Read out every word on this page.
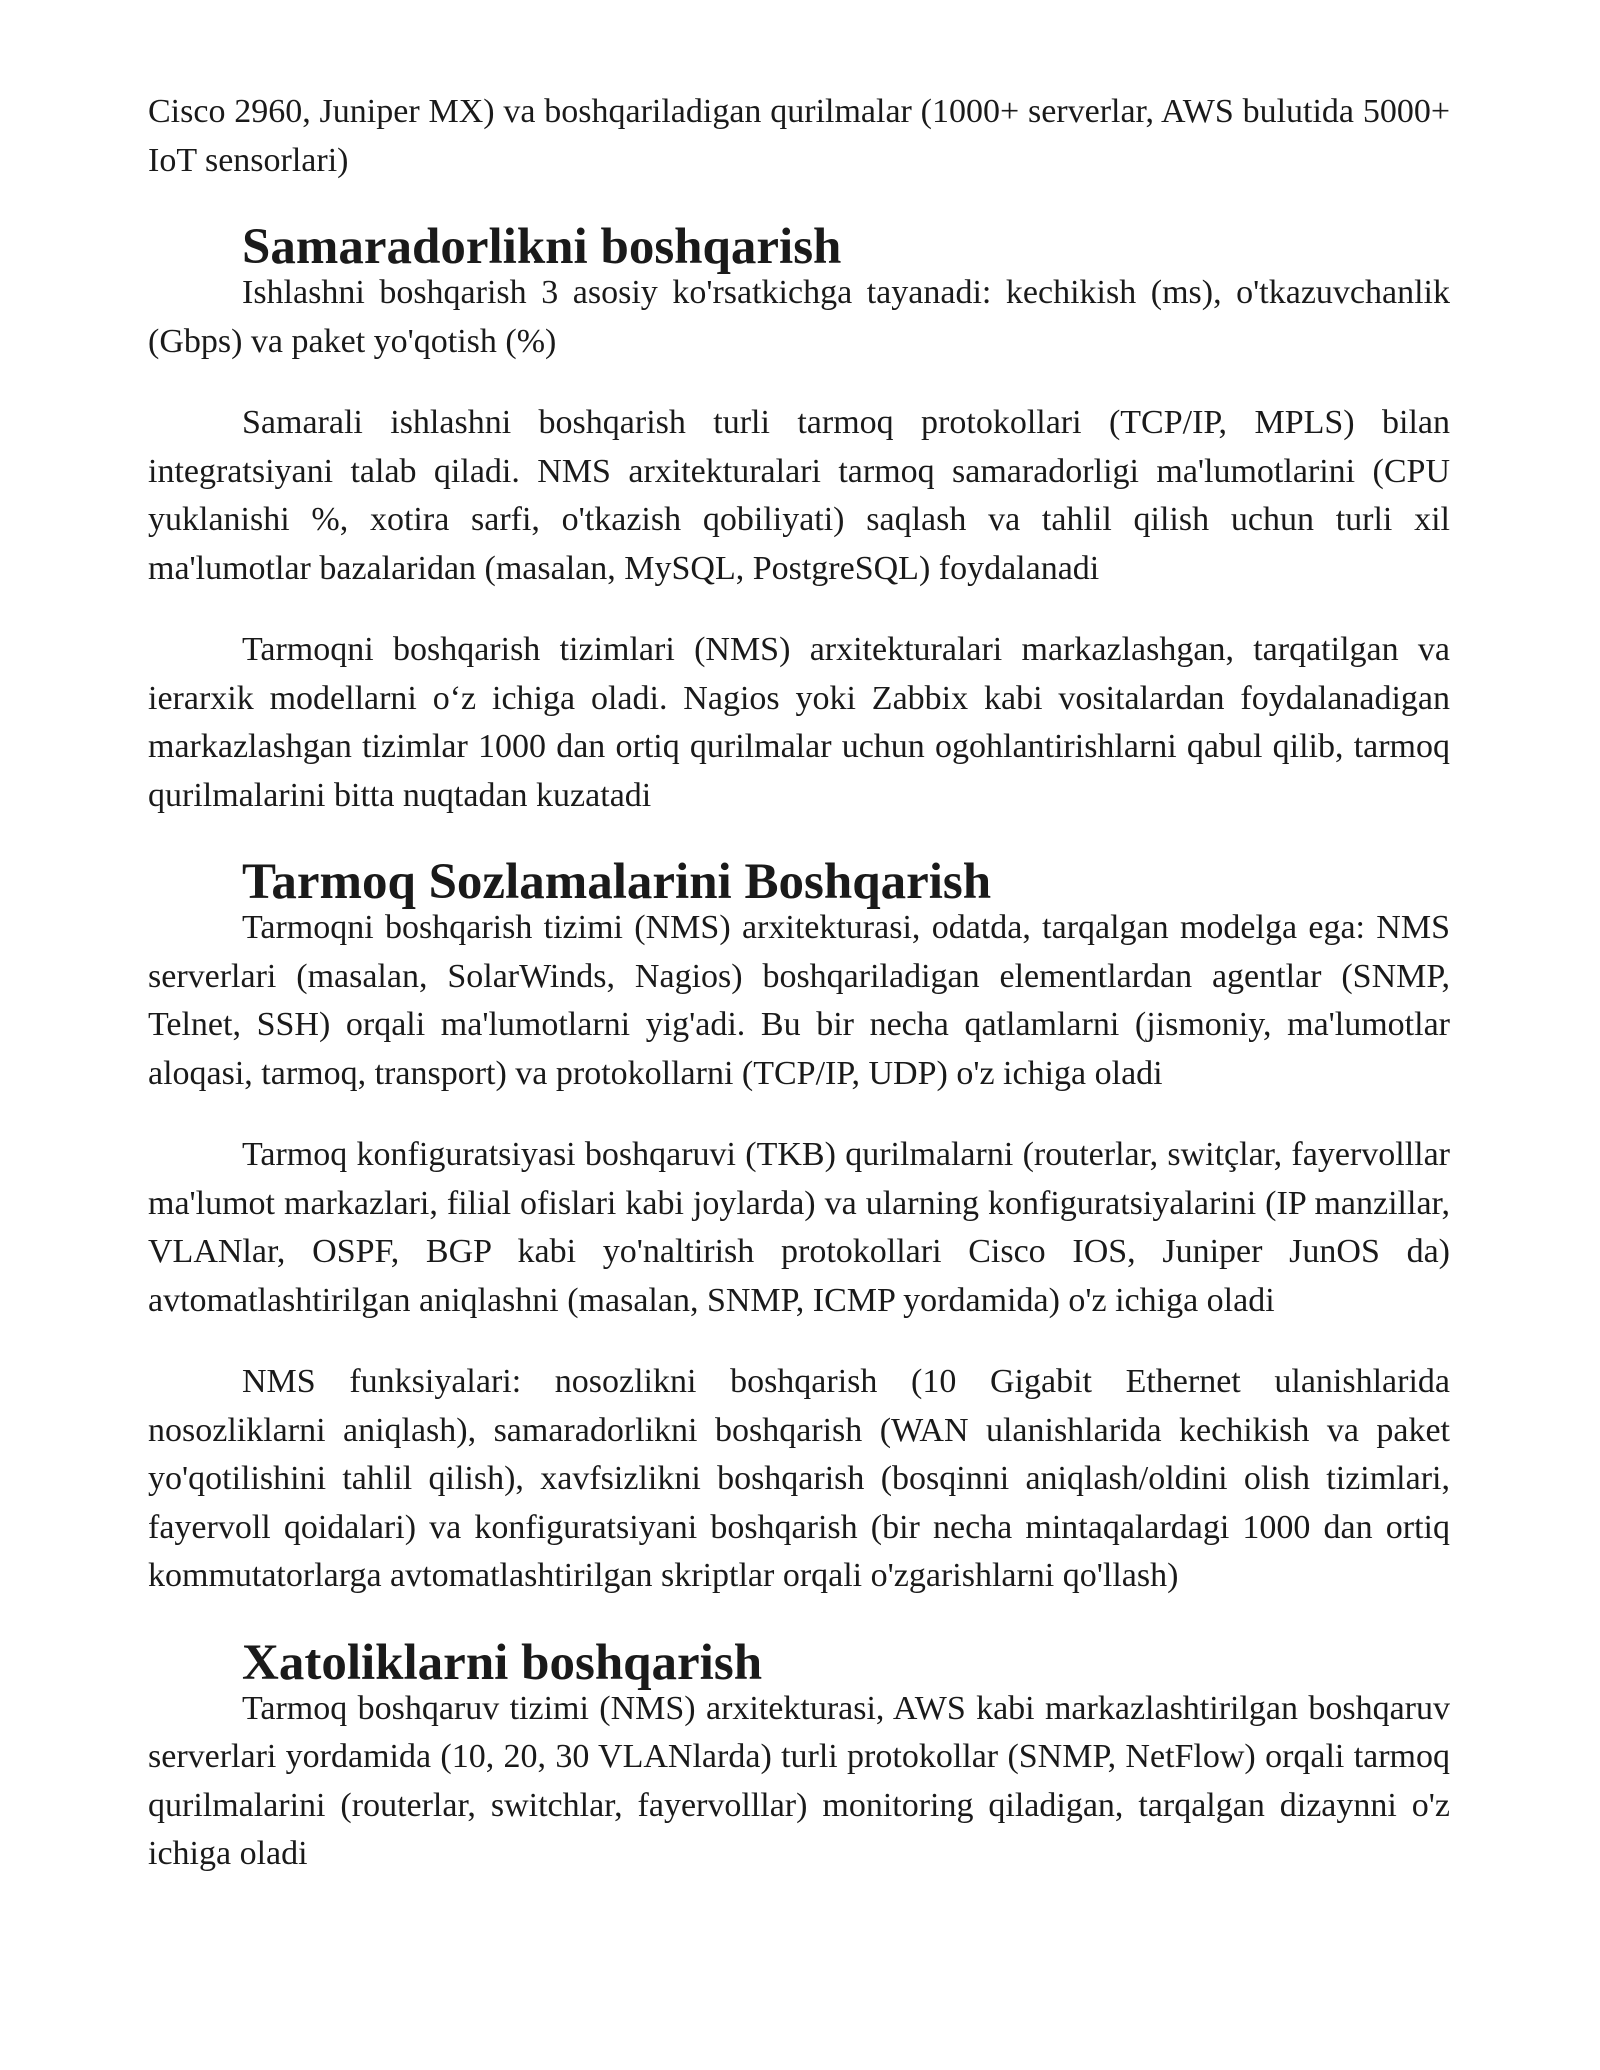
Cisco 2960, Juniper MX) va boshqariladigan qurilmalar (1000+ serverlar, AWS bulutida 5000+ IoT sensorlari)

Samaradorlikni boshqarish

Ishlashni boshqarish 3 asosiy ko'rsatkichga tayanadi: kechikish (ms), o'tkazuvchanlik (Gbps) va paket yo'qotish (%)

Samarali ishlashni boshqarish turli tarmoq protokollari (TCP/IP, MPLS) bilan integratsiyani talab qiladi. NMS arxitekturalari tarmoq samaradorligi ma'lumotlarini (CPU yuklanishi %, xotira sarfi, o'tkazish qobiliyati) saqlash va tahlil qilish uchun turli xil ma'lumotlar bazalaridan (masalan, MySQL, PostgreSQL) foydalanadi

Tarmoqni boshqarish tizimlari (NMS) arxitekturalari markazlashgan, tarqatilgan va ierarxik modellarni o‘z ichiga oladi. Nagios yoki Zabbix kabi vositalardan foydalanadigan markazlashgan tizimlar 1000 dan ortiq qurilmalar uchun ogohlantirishlarni qabul qilib, tarmoq qurilmalarini bitta nuqtadan kuzatadi

Tarmoq Sozlamalarini Boshqarish

Tarmoqni boshqarish tizimi (NMS) arxitekturasi, odatda, tarqalgan modelga ega: NMS serverlari (masalan, SolarWinds, Nagios) boshqariladigan elementlardan agentlar (SNMP, Telnet, SSH) orqali ma'lumotlarni yig'adi. Bu bir necha qatlamlarni (jismoniy, ma'lumotlar aloqasi, tarmoq, transport) va protokollarni (TCP/IP, UDP) o'z ichiga oladi

Tarmoq konfiguratsiyasi boshqaruvi (TKB) qurilmalarni (routerlar, switçlar, fayervolllar ma'lumot markazlari, filial ofislari kabi joylarda) va ularning konfiguratsiyalarini (IP manzillar, VLANlar, OSPF, BGP kabi yo'naltirish protokollari Cisco IOS, Juniper JunOS da) avtomatlashtirilgan aniqlashni (masalan, SNMP, ICMP yordamida) o'z ichiga oladi

NMS funksiyalari: nosozlikni boshqarish (10 Gigabit Ethernet ulanishlarida nosozliklarni aniqlash), samaradorlikni boshqarish (WAN ulanishlarida kechikish va paket yo'qotilishini tahlil qilish), xavfsizlikni boshqarish (bosqinni aniqlash/oldini olish tizimlari, fayervoll qoidalari) va konfiguratsiyani boshqarish (bir necha mintaqalardagi 1000 dan ortiq kommutatorlarga avtomatlashtirilgan skriptlar orqali o'zgarishlarni qo'llash)

Xatoliklarni boshqarish

Tarmoq boshqaruv tizimi (NMS) arxitekturasi, AWS kabi markazlashtirilgan boshqaruv serverlari yordamida (10, 20, 30 VLANlarda) turli protokollar (SNMP, NetFlow) orqali tarmoq qurilmalarini (routerlar, switchlar, fayervolllar) monitoring qiladigan, tarqalgan dizaynni o'z ichiga oladi
